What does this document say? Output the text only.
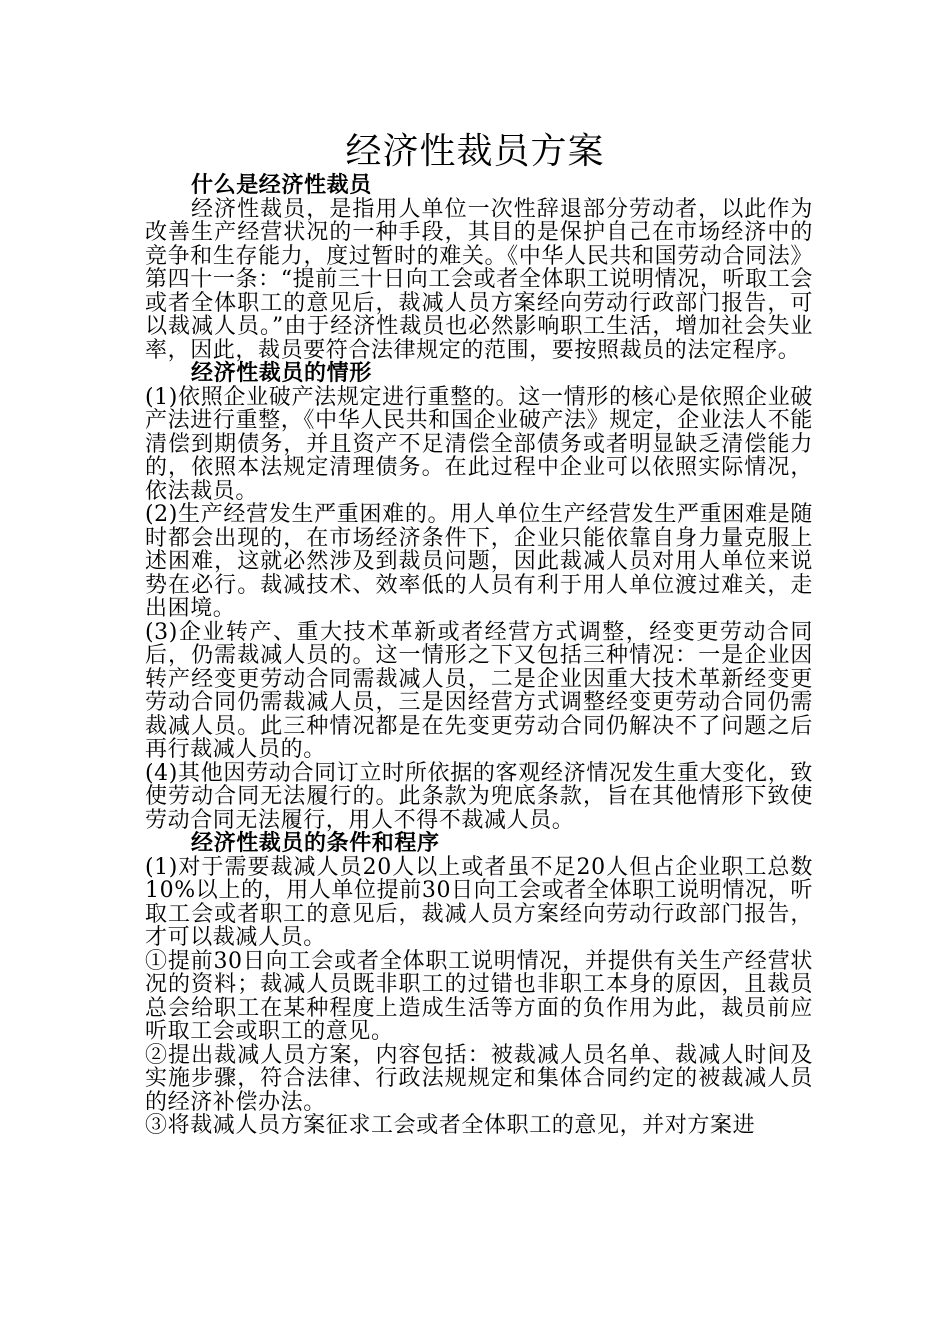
经济性裁员方案

什么是经济性裁员

经济性裁员，是指用人单位一次性辞退部分劳动者，以此作为改善生产经营状况的一种手段，其目的是保护自己在市场经济中的竞争和生存能力，度过暂时的难关。《中华人民共和国劳动合同法》第四十一条：“提前三十日向工会或者全体职工说明情况，听取工会或者全体职工的意见后，裁减人员方案经向劳动行政部门报告，可以裁减人员。”由于经济性裁员也必然影响职工生活，增加社会失业率，因此，裁员要符合法律规定的范围，要按照裁员的法定程序。

经济性裁员的情形

(1)依照企业破产法规定进行重整的。这一情形的核心是依照企业破产法进行重整，《中华人民共和国企业破产法》规定，企业法人不能清偿到期债务，并且资产不足清偿全部债务或者明显缺乏清偿能力的，依照本法规定清理债务。在此过程中企业可以依照实际情况，依法裁员。

(2)生产经营发生严重困难的。用人单位生产经营发生严重困难是随时都会出现的，在市场经济条件下，企业只能依靠自身力量克服上述困难，这就必然涉及到裁员问题，因此裁减人员对用人单位来说势在必行。裁减技术、效率低的人员有利于用人单位渡过难关，走出困境。

(3)企业转产、重大技术革新或者经营方式调整，经变更劳动合同后，仍需裁减人员的。这一情形之下又包括三种情况：一是企业因转产经变更劳动合同需裁减人员，二是企业因重大技术革新经变更劳动合同仍需裁减人员，三是因经营方式调整经变更劳动合同仍需裁减人员。此三种情况都是在先变更劳动合同仍解决不了问题之后再行裁减人员的。

(4)其他因劳动合同订立时所依据的客观经济情况发生重大变化，致使劳动合同无法履行的。此条款为兜底条款，旨在其他情形下致使劳动合同无法履行，用人不得不裁减人员。

经济性裁员的条件和程序

(1)对于需要裁减人员20人以上或者虽不足20人但占企业职工总数10%以上的，用人单位提前30日向工会或者全体职工说明情况，听取工会或者职工的意见后，裁减人员方案经向劳动行政部门报告，才可以裁减人员。

①提前30日向工会或者全体职工说明情况，并提供有关生产经营状况的资料；裁减人员既非职工的过错也非职工本身的原因，且裁员总会给职工在某种程度上造成生活等方面的负作用为此，裁员前应听取工会或职工的意见。

②提出裁减人员方案，内容包括：被裁减人员名单、裁减人时间及实施步骤，符合法律、行政法规规定和集体合同约定的被裁减人员的经济补偿办法。

③将裁减人员方案征求工会或者全体职工的意见，并对方案进
